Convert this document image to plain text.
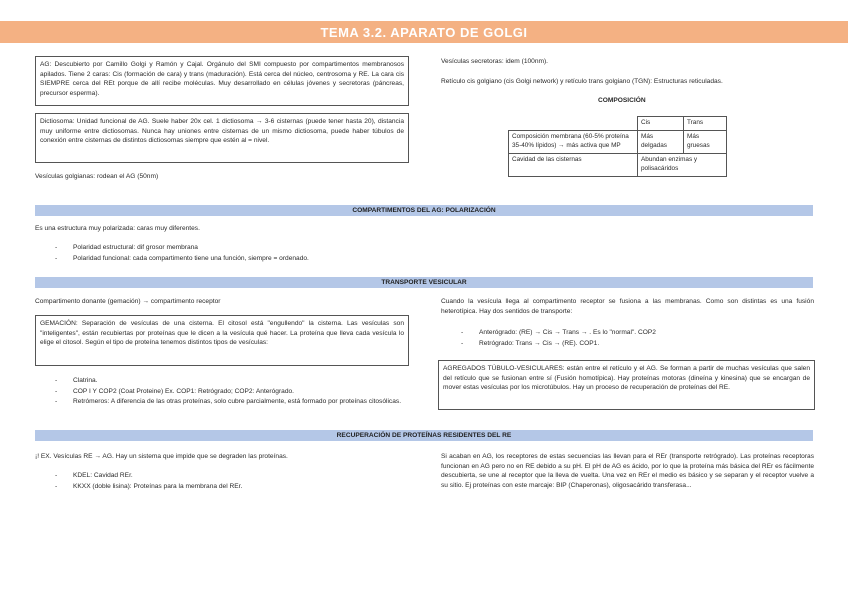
TEMA 3.2. APARATO DE GOLGI
AG: Descubierto por Camillo Golgi y Ramón y Cajal. Orgánulo del SMI compuesto por compartimentos membranosos apilados. Tiene 2 caras: Cis (formación de cara) y trans (maduración). Está cerca del núcleo, centrosoma y RE. La cara cis SIEMPRE cerca del REt porque de allí recibe moléculas. Muy desarrollado en células jóvenes y secretoras (páncreas, precursor esperma).
Dictiosoma: Unidad funcional de AG. Suele haber 20x cel. 1 dictiosoma → 3-6 cisternas (puede tener hasta 20), distancia muy uniforme entre dictiosomas. Nunca hay uniones entre cisternas de un mismo dictiosoma, puede haber túbulos de conexión entre cisternas de distintos dictiosomas siempre que estén al = nivel.
Vesículas golgianas: rodean el AG (50nm)
Vesículas secretoras: idem (100nm).
Retículo cis golgiano (cis Golgi network) y retículo trans golgiano (TGN): Estructuras reticuladas.
COMPOSICIÓN
	Cis	Trans
Composición membrana (60-5% proteína 35-40% lípidos) → más activa que MP	Más delgadas	Más gruesas
Cavidad de las cisternas	Abundan enzimas y polisacáridos	
COMPARTIMENTOS DEL AG: POLARIZACIÓN
Es una estructura muy polarizada: caras muy diferentes.
- Polaridad estructural: dif grosor membrana
- Polaridad funcional: cada compartimento tiene una función, siempre = ordenado.
TRANSPORTE VESICULAR
Compartimento donante (gemación) → compartimento receptor
GEMACIÓN: Separación de vesículas de una cisterna. El citosol está "engullendo" la cisterna. Las vesículas son "inteligentes", están recubiertas por proteínas que le dicen a la vesícula qué hacer. La proteína que lleva cada vesícula lo elige el citosol. Según el tipo de proteína tenemos distintos tipos de vesículas:
- Clatrina.
- COP I Y COP2 (Coat Proteine) Ex. COP1: Retrógrado; COP2: Anterógrado.
- Retrómeros: A diferencia de las otras proteínas, solo cubre parcialmente, está formado por proteínas citosólicas.
Cuando la vesícula llega al compartimento receptor se fusiona a las membranas. Como son distintas es una fusión heterotípica. Hay dos sentidos de transporte:
- Anterógrado: (RE) → Cis → Trans → . Es lo "normal". COP2
- Retrógrado: Trans → Cis → (RE). COP1.
AGREGADOS TÚBULO-VESICULARES: están entre el retículo y el AG. Se forman a partir de muchas vesículas que salen del retículo que se fusionan entre sí (Fusión homotípica). Hay proteínas motoras (dineína y kinesina) que se encargan de mover estas vesículas por los microtúbulos. Hay un proceso de recuperación de proteínas del RE.
RECUPERACIÓN DE PROTEÍNAS RESIDENTES DEL RE
¡! EX. Vesículas RE → AG. Hay un sistema que impide que se degraden las proteínas.
- KDEL: Cavidad REr.
- KKXX (doble lisina): Proteínas para la membrana del REr.
Si acaban en AG, los receptores de estas secuencias las llevan para el REr (transporte retrógrado). Las proteínas receptoras funcionan en AG pero no en RE debido a su pH. El pH de AG es ácido, por lo que la proteína más básica del REr es fácilmente descubierta, se une al receptor que la lleva de vuelta. Una vez en REr el medio es básico y se separan y el receptor vuelve a su sitio. Ej proteínas con este marcaje: BIP (Chaperonas), oligosacárido transferasa...
